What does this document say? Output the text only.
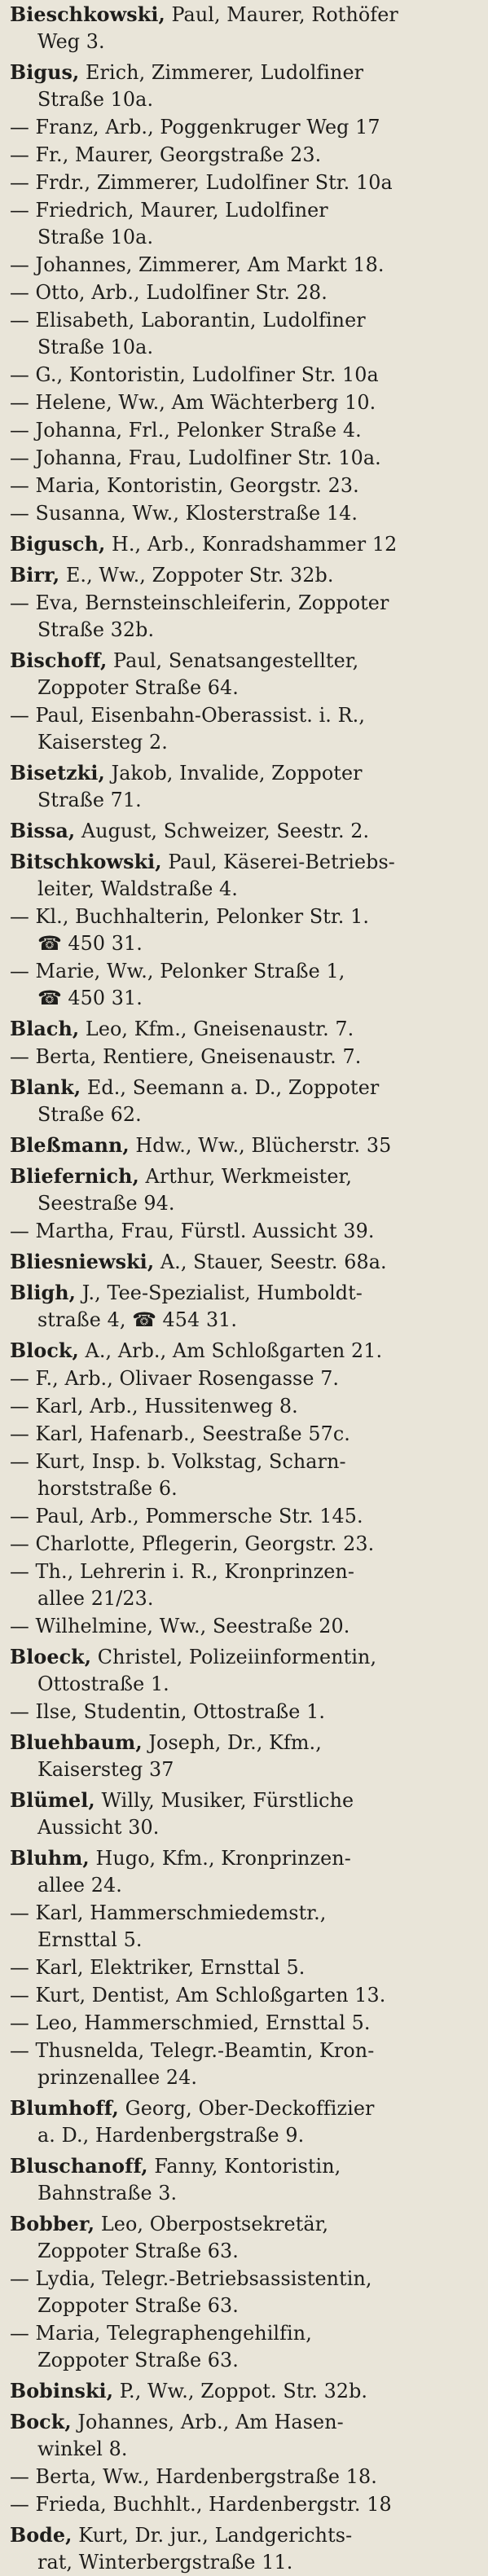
Bieschkowski, Paul, Maurer, Rothöfer
Weg 3.
Bigus, Erich, Zimmerer, Ludolfiner
Straße 10a.
— Franz, Arb., Poggenkruger Weg 17
— Fr., Maurer, Georgstraße 23.
— Frdr., Zimmerer, Ludolfiner Str. 10a
— Friedrich, Maurer, Ludolfiner
Straße 10a.
— Johannes, Zimmerer, Am Markt 18.
— Otto, Arb., Ludolfiner Str. 28.
— Elisabeth, Laborantin, Ludolfiner
Straße 10a.
— G., Kontoristin, Ludolfiner Str. 10a
— Helene, Ww., Am Wächterberg 10.
— Johanna, Frl., Pelonker Straße 4.
— Johanna, Frau, Ludolfiner Str. 10a.
— Maria, Kontoristin, Georgstr. 23.
— Susanna, Ww., Klosterstraße 14.
Bigusch, H., Arb., Konradshammer 12
Birr, E., Ww., Zoppoter Str. 32b.
— Eva, Bernsteinschleiferin, Zoppoter
Straße 32b.
Bischoff, Paul, Senatsangestellter,
Zoppoter Straße 64.
— Paul, Eisenbahn-Oberassist. i. R.,
Kaisersteg 2.
Bisetzki, Jakob, Invalide, Zoppoter
Straße 71.
Bissa, August, Schweizer, Seestr. 2.
Bitschkowski, Paul, Käserei-Betriebs-
leiter, Waldstraße 4.
— Kl., Buchhalterin, Pelonker Str. 1.
☎ 450 31.
— Marie, Ww., Pelonker Straße 1,
☎ 450 31.
Blach, Leo, Kfm., Gneisenaustr. 7.
— Berta, Rentiere, Gneisenaustr. 7.
Blank, Ed., Seemann a. D., Zoppoter
Straße 62.
Bleßmann, Hdw., Ww., Blücherstr. 35
Bliefernich, Arthur, Werkmeister,
Seestraße 94.
— Martha, Frau, Fürstl. Aussicht 39.
Bliesniewski, A., Stauer, Seestr. 68a.
Bligh, J., Tee-Spezialist, Humboldt-
straße 4, ☎ 454 31.
Block, A., Arb., Am Schloßgarten 21.
— F., Arb., Olivaer Rosengasse 7.
— Karl, Arb., Hussitenweg 8.
— Karl, Hafenarb., Seestraße 57c.
— Kurt, Insp. b. Volkstag, Scharn-
horststraße 6.
— Paul, Arb., Pommersche Str. 145.
— Charlotte, Pflegerin, Georgstr. 23.
— Th., Lehrerin i. R., Kronprinzen-
allee 21/23.
— Wilhelmine, Ww., Seestraße 20.
Bloeck, Christel, Polizeiinformentin,
Ottostraße 1.
— Ilse, Studentin, Ottostraße 1.
Bluehbaum, Joseph, Dr., Kfm.,
Kaisersteg 37
Blümel, Willy, Musiker, Fürstliche
Aussicht 30.
Bluhm, Hugo, Kfm., Kronprinzen-
allee 24.
— Karl, Hammerschmiedemstr.,
Ernsttal 5.
— Karl, Elektriker, Ernsttal 5.
— Kurt, Dentist, Am Schloßgarten 13.
— Leo, Hammerschmied, Ernsttal 5.
— Thusnelda, Telegr.-Beamtin, Kron-
prinzenallee 24.
Blumhoff, Georg, Ober-Deckoffizier
a. D., Hardenbergstraße 9.
Bluschanoff, Fanny, Kontoristin,
Bahnstraße 3.
Bobber, Leo, Oberpostsekretär,
Zoppoter Straße 63.
— Lydia, Telegr.-Betriebsassistentin,
Zoppoter Straße 63.
— Maria, Telegraphengehilfin,
Zoppoter Straße 63.
Bobinski, P., Ww., Zoppot. Str. 32b.
Bock, Johannes, Arb., Am Hasen-
winkel 8.
— Berta, Ww., Hardenbergstraße 18.
— Frieda, Buchhlt., Hardenbergstr. 18
Bode, Kurt, Dr. jur., Landgerichts-
rat, Winterbergstraße 11.
